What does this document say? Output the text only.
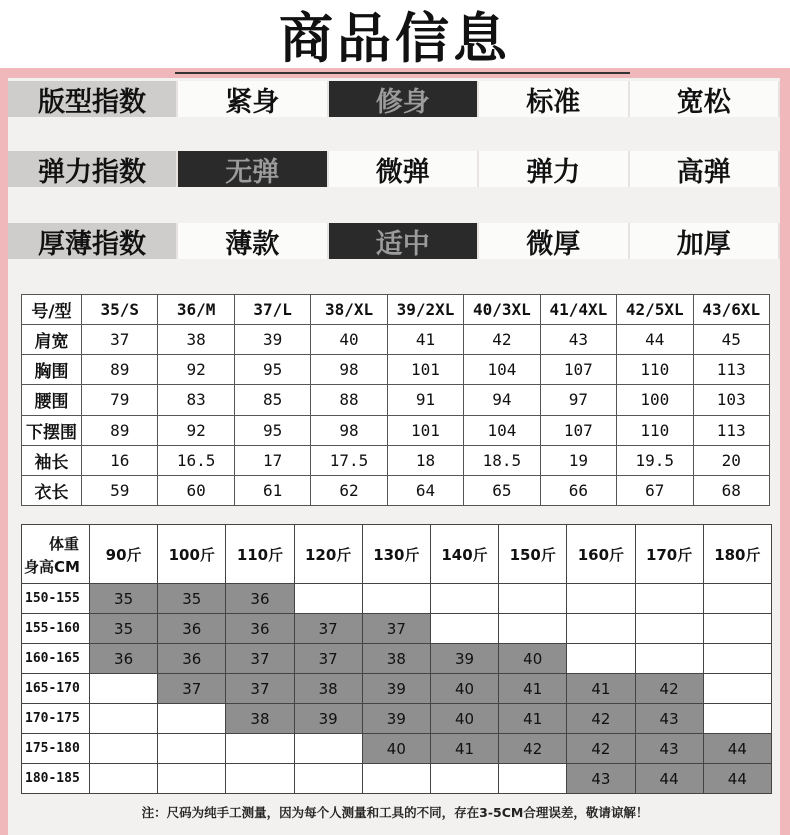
商品信息
版型指数	紧身	修身	标准	宽松
弹力指数	无弹	微弹	弹力	高弹
厚薄指数	薄款	适中	微厚	加厚
号/型	35/S	36/M	37/L	38/XL	39/2XL	40/3XL	41/4XL	42/5XL	43/6XL
肩宽	37	38	39	40	41	42	43	44	45
胸围	89	92	95	98	101	104	107	110	113
腰围	79	83	85	88	91	94	97	100	103
下摆围	89	92	95	98	101	104	107	110	113
袖长	16	16.5	17	17.5	18	18.5	19	19.5	20
衣长	59	60	61	62	64	65	66	67	68
体重
身高CM	90斤	100斤	110斤	120斤	130斤	140斤	150斤	160斤	170斤	180斤
150-155	35	35	36							
155-160	35	36	36	37	37					
160-165	36	36	37	37	38	39	40			
165-170		37	37	38	39	40	41	41	42	
170-175			38	39	39	40	41	42	43	
175-180					40	41	42	42	43	44
180-185								43	44	44
注：尺码为纯手工测量，因为每个人测量和工具的不同，存在3-5CM合理误差，敬请谅解！
